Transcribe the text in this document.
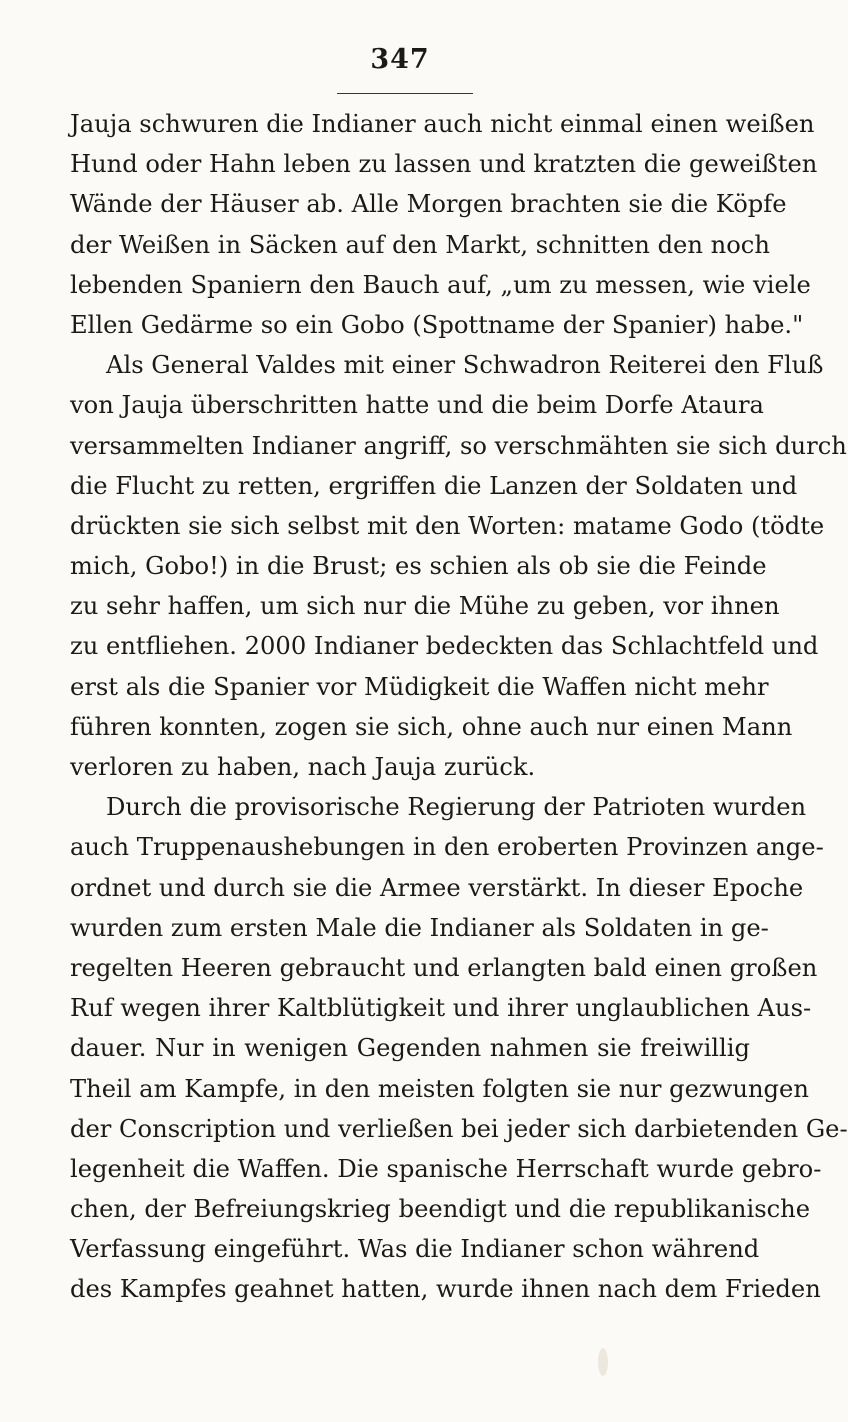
347
Jauja schwuren die Indianer auch nicht einmal einen weißen
Hund oder Hahn leben zu lassen und kratzten die geweißten
Wände der Häuser ab. Alle Morgen brachten sie die Köpfe
der Weißen in Säcken auf den Markt, schnitten den noch
lebenden Spaniern den Bauch auf, „um zu messen, wie viele
Ellen Gedärme so ein Gobo (Spottname der Spanier) habe."
Als General Valdes mit einer Schwadron Reiterei den Fluß
von Jauja überschritten hatte und die beim Dorfe Ataura
versammelten Indianer angriff, so verschmähten sie sich durch
die Flucht zu retten, ergriffen die Lanzen der Soldaten und
drückten sie sich selbst mit den Worten: matame Godo (tödte
mich, Gobo!) in die Brust; es schien als ob sie die Feinde
zu sehr haffen, um sich nur die Mühe zu geben, vor ihnen
zu entfliehen. 2000 Indianer bedeckten das Schlachtfeld und
erst als die Spanier vor Müdigkeit die Waffen nicht mehr
führen konnten, zogen sie sich, ohne auch nur einen Mann
verloren zu haben, nach Jauja zurück.
Durch die provisorische Regierung der Patrioten wurden
auch Truppenaushebungen in den eroberten Provinzen ange-
ordnet und durch sie die Armee verstärkt. In dieser Epoche
wurden zum ersten Male die Indianer als Soldaten in ge-
regelten Heeren gebraucht und erlangten bald einen großen
Ruf wegen ihrer Kaltblütigkeit und ihrer unglaublichen Aus-
dauer. Nur in wenigen Gegenden nahmen sie freiwillig
Theil am Kampfe, in den meisten folgten sie nur gezwungen
der Conscription und verließen bei jeder sich darbietenden Ge-
legenheit die Waffen. Die spanische Herrschaft wurde gebro-
chen, der Befreiungskrieg beendigt und die republikanische
Verfassung eingeführt. Was die Indianer schon während
des Kampfes geahnet hatten, wurde ihnen nach dem Frieden
